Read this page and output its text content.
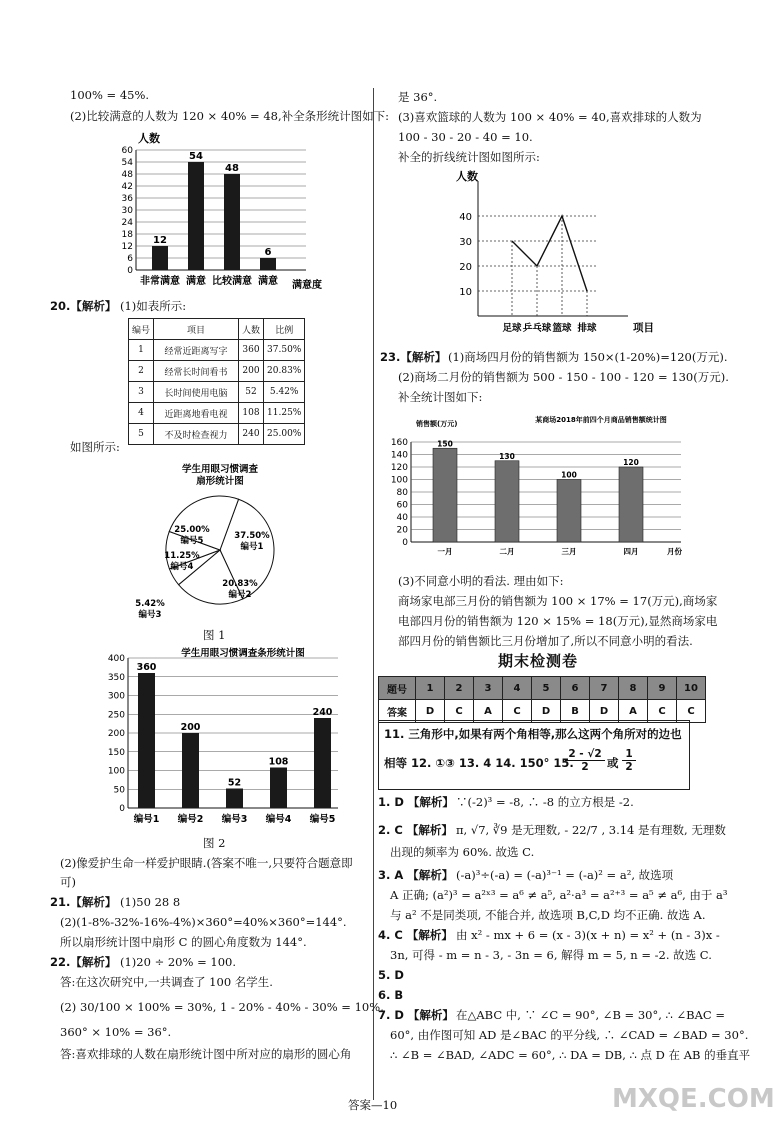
100% = 45%.
(2)比较满意的人数为 120 × 40% = 48,补全条形统计图如下:
0
6
12
18
24
30
36
42
48
54
60
人数
满意度
12
非常满意
54
满意
48
比较满意
6
满意
20.【解析】 (1)如表所示:
编号	项目	人数	比例
1	经常近距离写字	360	37.50%
2	经常长时间看书	200	20.83%
3	长时间使用电脑	52	5.42%
4	近距离地看电视	108	11.25%
5	不及时检查视力	240	25.00%
如图所示:
学生用眼习惯调查
扇形统计图
37.50%
编号1
20.83%
编号2
5.42%
编号3
11.25%
编号4
25.00%
编号5
图 1
学生用眼习惯调查条形统计图
0
50
100
150
200
250
300
350
400
360
编号1
200
编号2
52
编号3
108
编号4
240
编号5
图 2
(2)像爱护生命一样爱护眼睛.(答案不唯一,只要符合题意即
可)
21.【解析】 (1)50 28 8
(2)(1-8%-32%-16%-4%)×360°=40%×360°=144°.
所以扇形统计图中扇形 C 的圆心角度数为 144°.
22.【解析】 (1)20 ÷ 20% = 100.
答:在这次研究中,一共调查了 100 名学生.
(2) 30/100 × 100% = 30%, 1 - 20% - 40% - 30% = 10%,
360° × 10% = 36°.
答:喜欢排球的人数在扇形统计图中所对应的扇形的圆心角
是 36°.
(3)喜欢篮球的人数为 100 × 40% = 40,喜欢排球的人数为
100 - 30 - 20 - 40 = 10.
补全的折线统计图如图所示:
人数
项目
10
20
30
40
足球 乒乓球 篮球 排球
23.【解析】 (1)商场四月份的销售额为 150×(1-20%)=120(万元).
(2)商场二月份的销售额为 500 - 150 - 100 - 120 = 130(万元).
补全统计图如下:
销售额(万元)	某商场2018年前四个月商品销售额统计图
0
20
40
60
80
100
120
140
160
月份
150
一月
130
二月
100
三月
120
四月
(3)不同意小明的看法. 理由如下:
商场家电部三月份的销售额为 100 × 17% = 17(万元),商场家
电部四月份的销售额为 120 × 15% = 18(万元),显然商场家电
部四月份的销售额比三月份增加了,所以不同意小明的看法.
期末检测卷
题号	1	2	3	4	5	6	7	8	9	10
答案	D	C	A	C	D	B	D	A	C	C
11. 三角形中,如果有两个角相等,那么这两个角所对的边也
相等 12. ①③ 13. 4 14. 150° 15.
$\frac{2 - √2}{2}$ 或 $\frac{1}{2}$
1. D 【解析】 ∵(-2)³ = -8, ∴ -8 的立方根是 -2.
2. C 【解析】 π, √7, ∛9 是无理数, - 22/7 , 3.14 是有理数, 无理数
出现的频率为 60%. 故选 C.
3. A 【解析】 (-a)³÷(-a) = (-a)³⁻¹ = (-a)² = a², 故选项
A 正确; (a²)³ = a²ˣ³ = a⁶ ≠ a⁵, a²·a³ = a²⁺³ = a⁵ ≠ a⁶, 由于 a³
与 a² 不是同类项, 不能合并, 故选项 B,C,D 均不正确. 故选 A.
4. C 【解析】 由 x² - mx + 6 = (x - 3)(x + n) = x² + (n - 3)x -
3n, 可得 - m = n - 3, - 3n = 6, 解得 m = 5, n = -2. 故选 C.
5. D
6. B
7. D 【解析】 在△ABC 中, ∵ ∠C = 90°, ∠B = 30°, ∴ ∠BAC =
60°, 由作图可知 AD 是∠BAC 的平分线, ∴ ∠CAD = ∠BAD = 30°.
∴ ∠B = ∠BAD, ∠ADC = 60°, ∴ DA = DB, ∴ 点 D 在 AB 的垂直平
答案—10	MXQE.COM
